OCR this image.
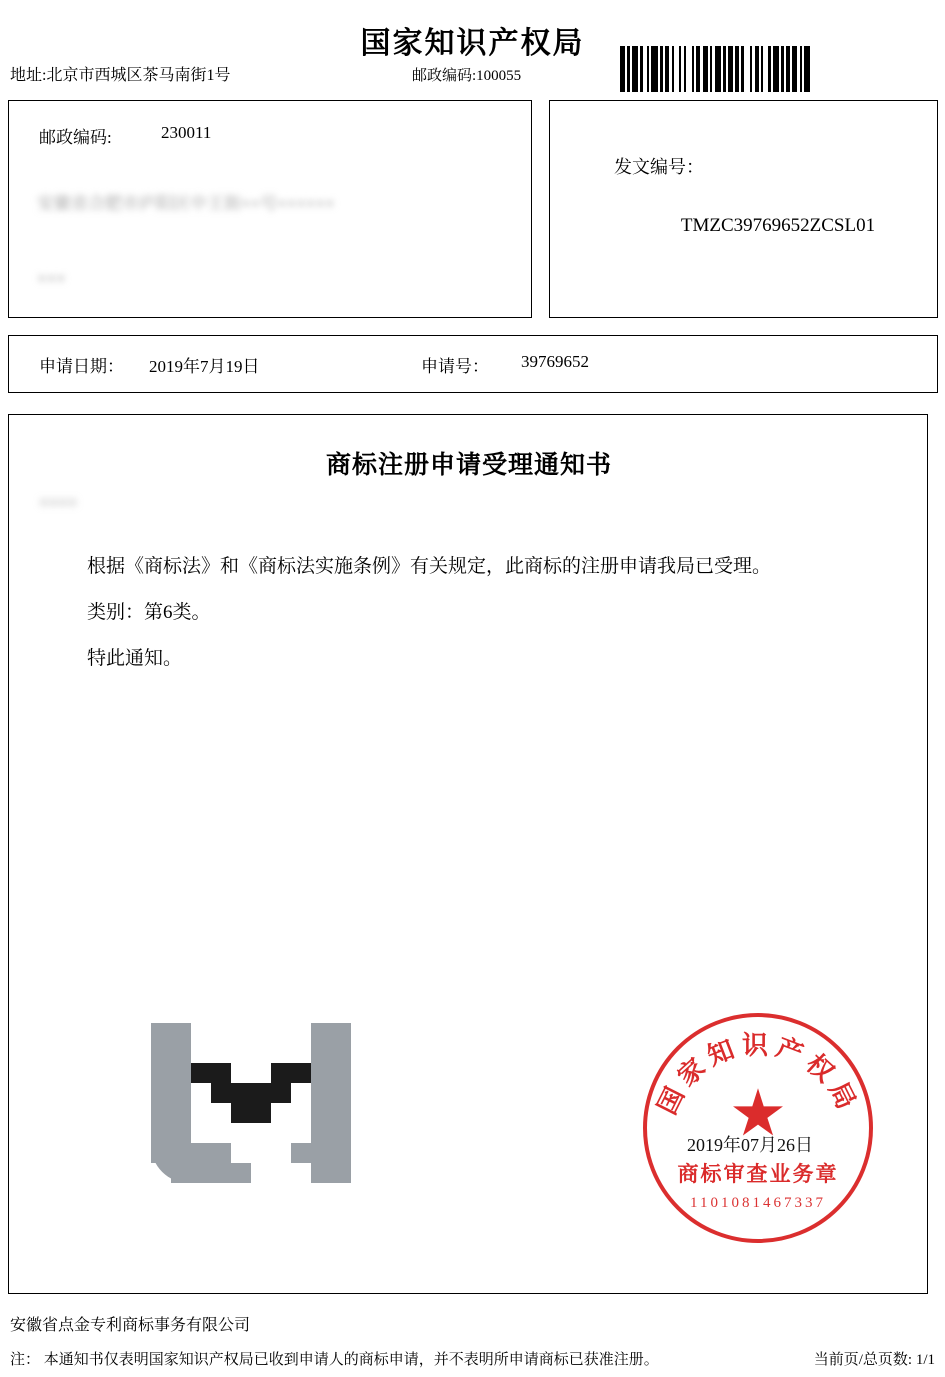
国家知识产权局
地址:北京市西城区茶马南街1号	邮政编码:100055
邮政编码:	230011
安徽省合肥市庐阳区中王街××号××××××
×××
发文编号：
TMZC39769652ZCSL01
申请日期： 2019年7月19日	申请号： 39769652
商标注册申请受理通知书
××××
根据《商标法》和《商标法实施条例》有关规定，此商标的注册申请我局已受理。
类别：第6类。
特此通知。
国家知识产权局
商标审查业务章
1101081467337
2019年07月26日
安徽省点金专利商标事务有限公司
注： 本通知书仅表明国家知识产权局已收到申请人的商标申请，并不表明所申请商标已获准注册。	当前页/总页数: 1/1
